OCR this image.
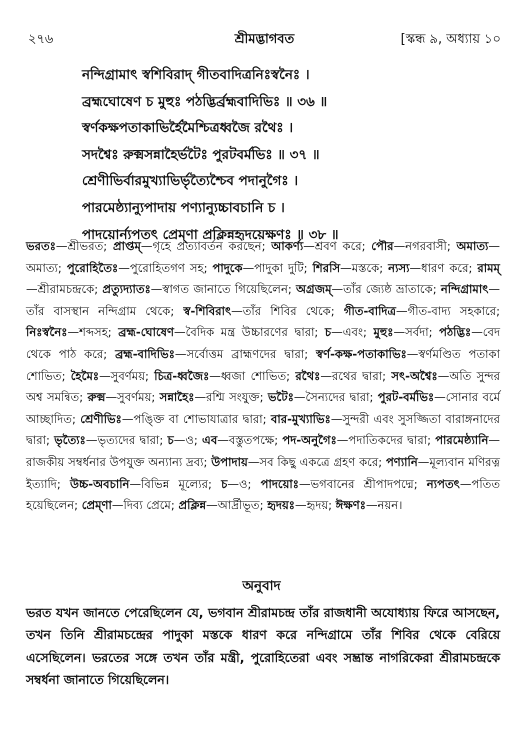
২৭৬	শ্রীমদ্ভাগবত	[স্কন্ধ ৯, অধ্যায় ১০
নন্দিগ্রামাৎ স্বশিবিরাদ্ গীতবাদিত্রনিঃস্বনৈঃ ।
ব্রহ্মঘোষেণ চ মুহুঃ পঠদ্ভির্ব্রহ্মবাদিভিঃ ॥ ৩৬ ॥
স্বর্ণকক্ষপতাকাভির্হৈমৈশ্চিত্রধ্বজৈ রথৈঃ ।
সদশ্বৈঃ রুক্মসন্নাহৈর্ভটৈঃ পুরটবর্মভিঃ ॥ ৩৭ ॥
শ্রেণীভির্বারমুখ্যাভির্ভৃত্যৈশ্চৈব পদানুগৈঃ ।
পারমেষ্ঠ্যান্যুপাদায় পণ্যান্যুচ্চাবচানি চ ।
পাদয়োর্ন্যপতৎ প্রেম্ণা প্রক্লিন্নহৃদয়েক্ষণঃ ॥ ৩৮ ॥
ভরতঃ—শ্রীভরত; প্রাপ্তম্—গৃহে প্রত্যাবর্তন করছেন; আকর্ণ্য—শ্রবণ করে; পৌর—নগরবাসী; অমাত্য—অমাত্য; পুরোহিতৈঃ—পুরোহিতগণ সহ; পাদুকে—পাদুকা দুটি; শিরসি—মস্তকে; ন্যস্য—ধারণ করে; রামম্—শ্রীরামচন্দ্রকে; প্রত্যুদ্যাতঃ—স্বাগত জানাতে গিয়েছিলেন; অগ্রজম্—তাঁর জ্যেষ্ঠ ভ্রাতাকে; নন্দিগ্রামাৎ—তাঁর বাসস্থান নন্দিগ্রাম থেকে; স্ব-শিবিরাৎ—তাঁর শিবির থেকে; গীত-বাদিত্র—গীত-বাদ্য সহকারে; নিঃস্বনৈঃ—শব্দসহ; ব্রহ্ম-ঘোষেণ—বৈদিক মন্ত্র উচ্চারণের দ্বারা; চ—এবং; মুহুঃ—সর্বদা; পঠদ্ভিঃ—বেদ থেকে পাঠ করে; ব্রহ্ম-বাদিভিঃ—সর্বোত্তম ব্রাহ্মণদের দ্বারা; স্বর্ণ-কক্ষ-পতাকাভিঃ—স্বর্ণমণ্ডিত পতাকা শোভিত; হৈমৈঃ—সুবর্ণময়; চিত্র-ধ্বজৈঃ—ধ্বজা শোভিত; রথৈঃ—রথের দ্বারা; সৎ-অশ্বৈঃ—অতি সুন্দর অশ্ব সমন্বিত; রুক্ম—সুবর্ণময়; সন্নাহৈঃ—রশ্মি সংযুক্ত; ভটৈঃ—সৈন্যদের দ্বারা; পুরট-বর্মভিঃ—সোনার বর্মে আচ্ছাদিত; শ্রেণীভিঃ—পঙ্ক্তি বা শোভাযাত্রার দ্বারা; বার-মুখ্যাভিঃ—সুন্দরী এবং সুসজ্জিতা বারাঙ্গনাদের দ্বারা; ভৃত্যৈঃ—ভৃত্যদের দ্বারা; চ—ও; এব—বস্তুতপক্ষে; পদ-অনুগৈঃ—পদাতিকদের দ্বারা; পারমেষ্ঠ্যানি—রাজকীয় সম্বর্ধনার উপযুক্ত অন্যান্য দ্রব্য; উপাদায়—সব কিছু একত্রে গ্রহণ করে; পণ্যানি—মূল্যবান মণিরত্ন ইত্যাদি; উচ্চ-অবচানি—বিভিন্ন মূল্যের; চ—ও; পাদয়োঃ—ভগবানের শ্রীপাদপদ্মে; ন্যপতৎ—পতিত হয়েছিলেন; প্রেম্ণা—দিব্য প্রেমে; প্রক্লিন্ন—আর্দ্রীভূত; হৃদয়ঃ—হৃদয়; ঈক্ষণঃ—নয়ন।
অনুবাদ
ভরত যখন জানতে পেরেছিলেন যে, ভগবান শ্রীরামচন্দ্র তাঁর রাজধানী অযোধ্যায় ফিরে আসছেন, তখন তিনি শ্রীরামচন্দ্রের পাদুকা মস্তকে ধারণ করে নন্দিগ্রামে তাঁর শিবির থেকে বেরিয়ে এসেছিলেন। ভরতের সঙ্গে তখন তাঁর মন্ত্রী, পুরোহিতেরা এবং সম্ভ্রান্ত নাগরিকেরা শ্রীরামচন্দ্রকে সম্বর্ধনা জানাতে গিয়েছিলেন।
